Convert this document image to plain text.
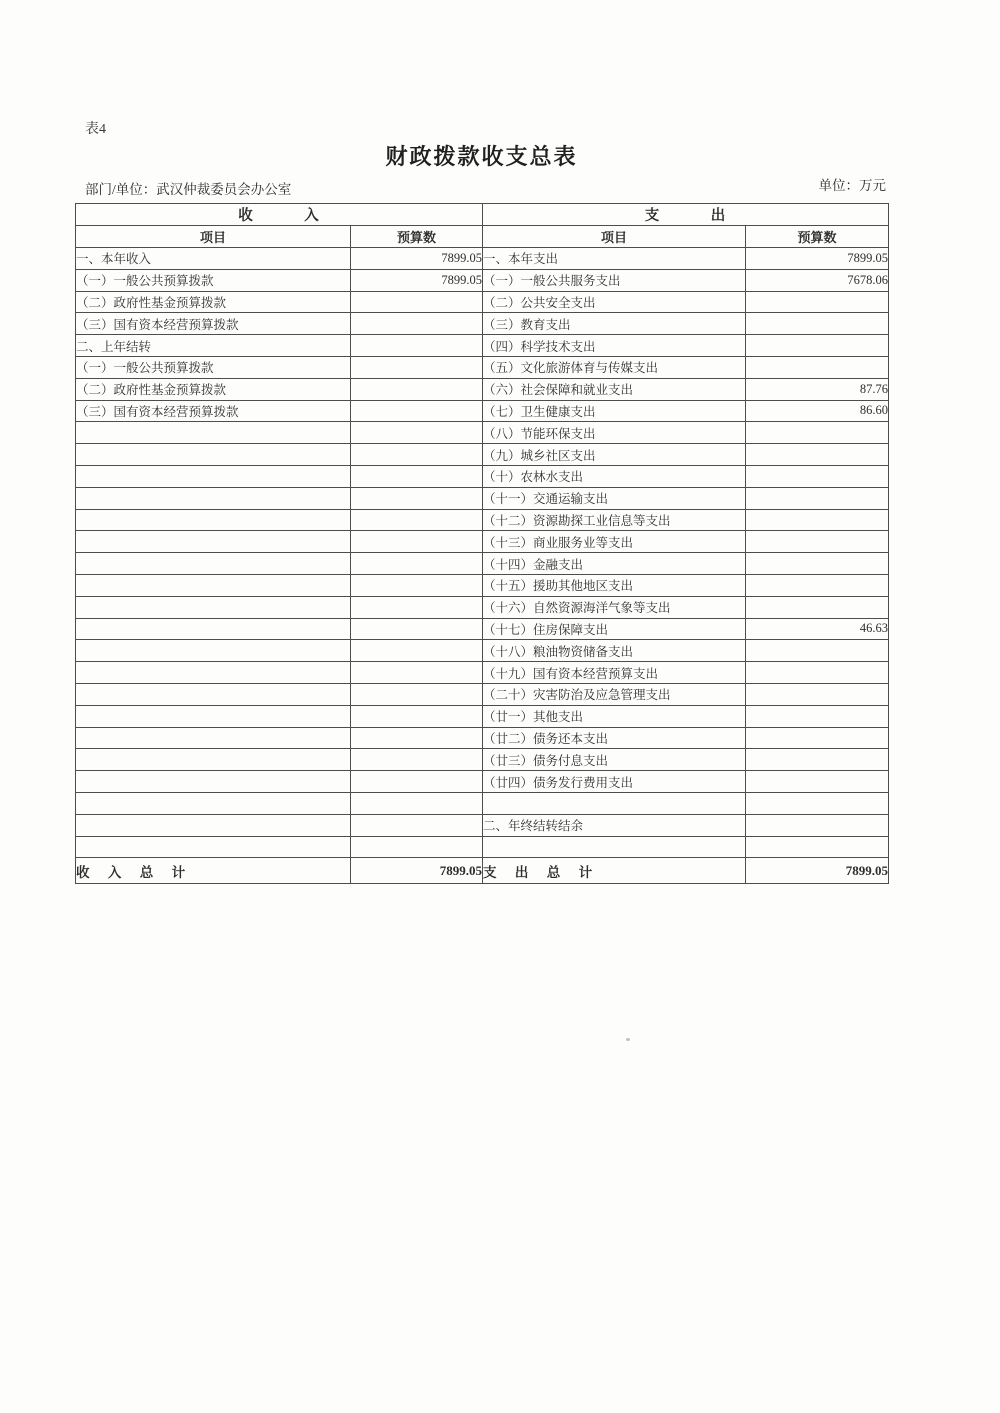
表4
财政拨款收支总表
部门/单位：武汉仲裁委员会办公室	单位：万元
收 入		支 出	
项目	预算数	项目	预算数
一、本年收入	7899.05	一、本年支出	7899.05
（一）一般公共预算拨款	7899.05	（一）一般公共服务支出	7678.06
（二）政府性基金预算拨款		（二）公共安全支出	
（三）国有资本经营预算拨款		（三）教育支出	
二、上年结转		（四）科学技术支出	
（一）一般公共预算拨款		（五）文化旅游体育与传媒支出	
（二）政府性基金预算拨款		（六）社会保障和就业支出	87.76
（三）国有资本经营预算拨款		（七）卫生健康支出	86.60
		（八）节能环保支出	
		（九）城乡社区支出	
		（十）农林水支出	
		（十一）交通运输支出	
		（十二）资源勘探工业信息等支出	
		（十三）商业服务业等支出	
		（十四）金融支出	
		（十五）援助其他地区支出	
		（十六）自然资源海洋气象等支出	
		（十七）住房保障支出	46.63
		（十八）粮油物资储备支出	
		（十九）国有资本经营预算支出	
		（二十）灾害防治及应急管理支出	
		（廿一）其他支出	
		（廿二）债务还本支出	
		（廿三）债务付息支出	
		（廿四）债务发行费用支出	

		二、年终结转结余	

收 入 总 计	7899.05	支 出 总 计	7899.05
